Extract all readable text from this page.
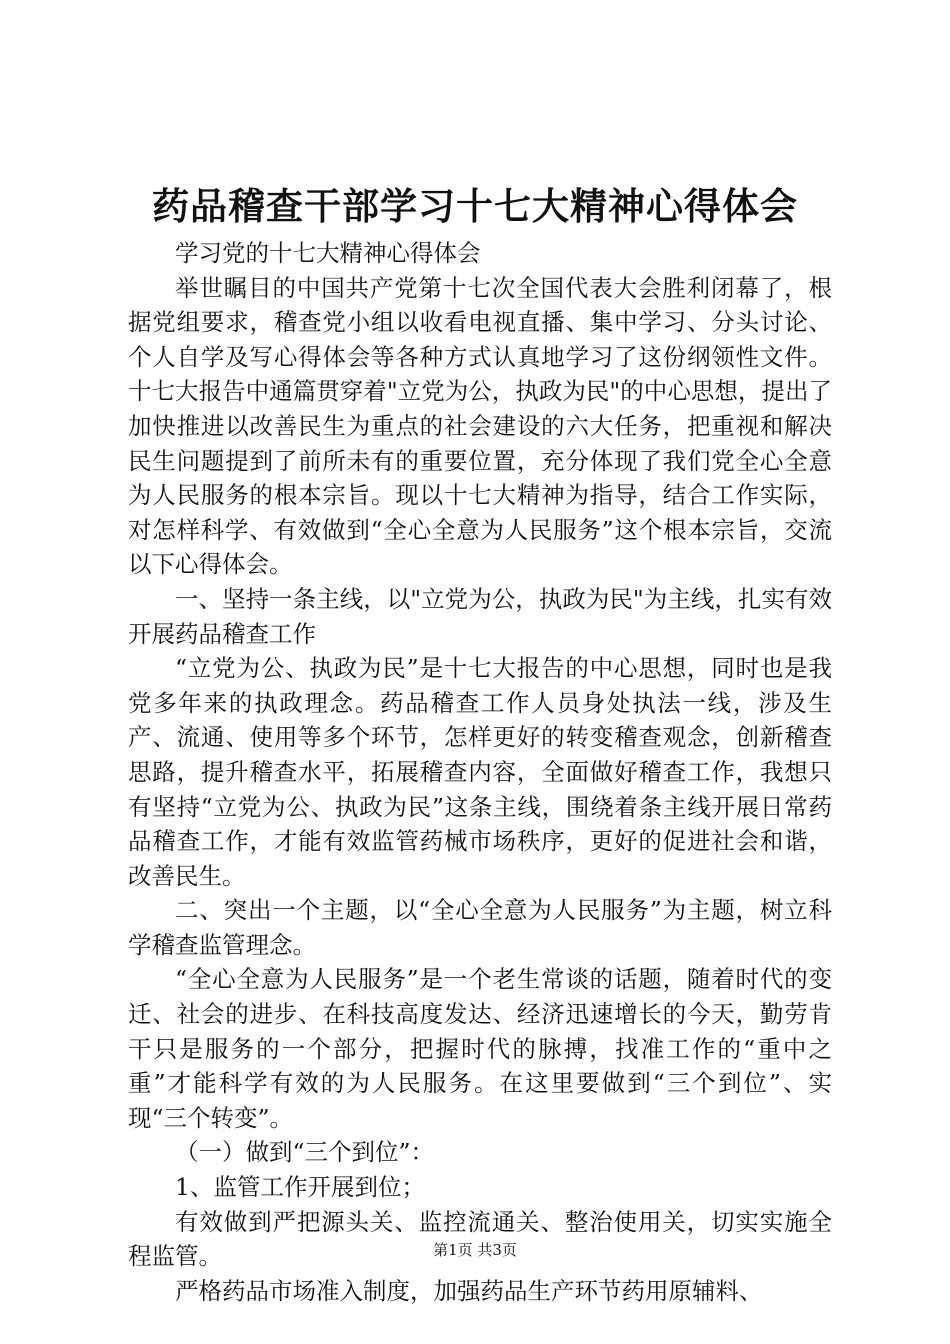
药品稽查干部学习十七大精神心得体会

学习党的十七大精神心得体会

举世瞩目的中国共产党第十七次全国代表大会胜利闭幕了，根据党组要求，稽查党小组以收看电视直播、集中学习、分头讨论、个人自学及写心得体会等各种方式认真地学习了这份纲领性文件。十七大报告中通篇贯穿着"立党为公，执政为民"的中心思想，提出了加快推进以改善民生为重点的社会建设的六大任务，把重视和解决民生问题提到了前所未有的重要位置，充分体现了我们党全心全意为人民服务的根本宗旨。现以十七大精神为指导，结合工作实际，对怎样科学、有效做到“全心全意为人民服务”这个根本宗旨，交流以下心得体会。

一、坚持一条主线，以"立党为公，执政为民"为主线，扎实有效开展药品稽查工作

“立党为公、执政为民”是十七大报告的中心思想，同时也是我党多年来的执政理念。药品稽查工作人员身处执法一线，涉及生产、流通、使用等多个环节，怎样更好的转变稽查观念，创新稽查思路，提升稽查水平，拓展稽查内容，全面做好稽查工作，我想只有坚持“立党为公、执政为民”这条主线，围绕着条主线开展日常药品稽查工作，才能有效监管药械市场秩序，更好的促进社会和谐，改善民生。

二、突出一个主题，以“全心全意为人民服务”为主题，树立科学稽查监管理念。

“全心全意为人民服务”是一个老生常谈的话题，随着时代的变迁、社会的进步、在科技高度发达、经济迅速增长的今天，勤劳肯干只是服务的一个部分，把握时代的脉搏，找准工作的“重中之重”才能科学有效的为人民服务。在这里要做到“三个到位”、实现“三个转变”。

（一）做到“三个到位”：

1、监管工作开展到位；

有效做到严把源头关、监控流通关、整治使用关，切实实施全程监管。

严格药品市场准入制度，加强药品生产环节药用原辅料、

第1页 共3页
